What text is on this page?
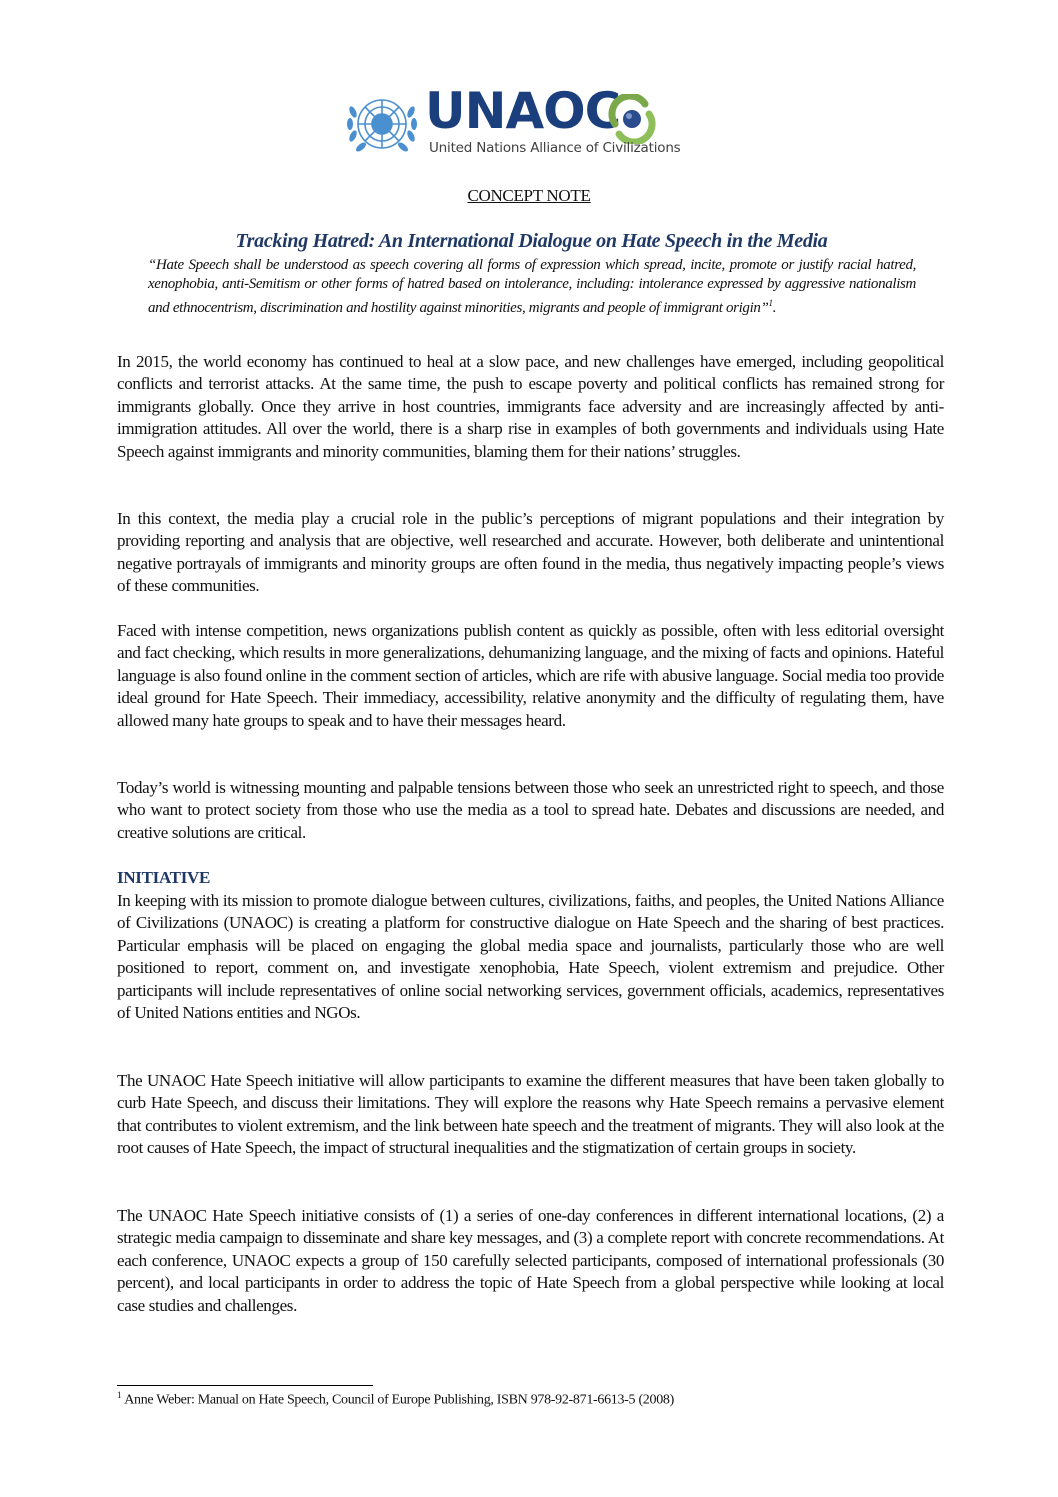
UNAOC
United Nations Alliance of Civilizations
CONCEPT NOTE
Tracking Hatred: An International Dialogue on Hate Speech in the Media
“Hate Speech shall be understood as speech covering all forms of expression which spread, incite, promote or justify racial hatred, xenophobia, anti-Semitism or other forms of hatred based on intolerance, including: intolerance expressed by aggressive nationalism and ethnocentrism, discrimination and hostility against minorities, migrants and people of immigrant origin”$^1$.

In 2015, the world economy has continued to heal at a slow pace, and new challenges have emerged, including geopolitical conflicts and terrorist attacks. At the same time, the push to escape poverty and political conflicts has remained strong for immigrants globally. Once they arrive in host countries, immigrants face adversity and are increasingly affected by anti-immigration attitudes. All over the world, there is a sharp rise in examples of both governments and individuals using Hate Speech against immigrants and minority communities, blaming them for their nations’ struggles.

In this context, the media play a crucial role in the public’s perceptions of migrant populations and their integration by providing reporting and analysis that are objective, well researched and accurate. However, both deliberate and unintentional negative portrayals of immigrants and minority groups are often found in the media, thus negatively impacting people’s views of these communities.

Faced with intense competition, news organizations publish content as quickly as possible, often with less editorial oversight and fact checking, which results in more generalizations, dehumanizing language, and the mixing of facts and opinions. Hateful language is also found online in the comment section of articles, which are rife with abusive language. Social media too provide ideal ground for Hate Speech. Their immediacy, accessibility, relative anonymity and the difficulty of regulating them, have allowed many hate groups to speak and to have their messages heard.

Today’s world is witnessing mounting and palpable tensions between those who seek an unrestricted right to speech, and those who want to protect society from those who use the media as a tool to spread hate. Debates and discussions are needed, and creative solutions are critical.

INITIATIVE

In keeping with its mission to promote dialogue between cultures, civilizations, faiths, and peoples, the United Nations Alliance of Civilizations (UNAOC) is creating a platform for constructive dialogue on Hate Speech and the sharing of best practices. Particular emphasis will be placed on engaging the global media space and journalists, particularly those who are well positioned to report, comment on, and investigate xenophobia, Hate Speech, violent extremism and prejudice. Other participants will include representatives of online social networking services, government officials, academics, representatives of United Nations entities and NGOs.

The UNAOC Hate Speech initiative will allow participants to examine the different measures that have been taken globally to curb Hate Speech, and discuss their limitations. They will explore the reasons why Hate Speech remains a pervasive element that contributes to violent extremism, and the link between hate speech and the treatment of migrants. They will also look at the root causes of Hate Speech, the impact of structural inequalities and the stigmatization of certain groups in society.

The UNAOC Hate Speech initiative consists of (1) a series of one-day conferences in different international locations, (2) a strategic media campaign to disseminate and share key messages, and (3) a complete report with concrete recommendations. At each conference, UNAOC expects a group of 150 carefully selected participants, composed of international professionals (30 percent), and local participants in order to address the topic of Hate Speech from a global perspective while looking at local case studies and challenges.

$^1$ Anne Weber: Manual on Hate Speech, Council of Europe Publishing, ISBN 978-92-871-6613-5 (2008)
